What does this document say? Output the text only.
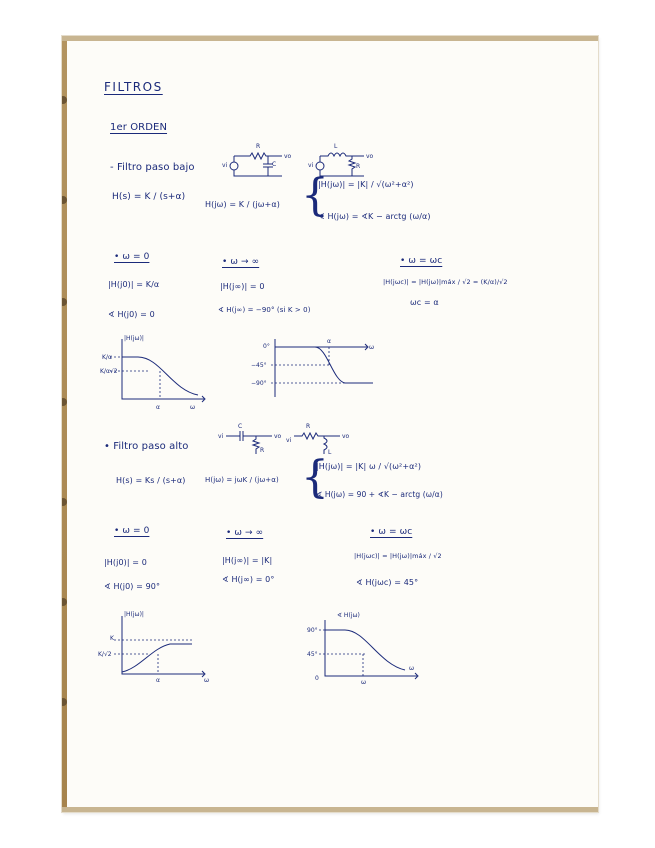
FILTROS
1er ORDEN
- Filtro paso bajo
R
C
vi
vo
L
R
vi
vo
H(s) = K / (s+α)
H(jω) = K / (jω+α) {
|H(jω)| = |K| / √(ω²+α²)
∢ H(jω) = ∢K − arctg (ω/α)
• ω = 0
|H(j0)| = K/α
∢ H(j0) = 0
• ω → ∞
|H(j∞)| = 0
∢ H(j∞) = −90° (si K > 0)
• ω = ωc
|H(jωc)| = |H(jω)|máx / √2 = (K/α)/√2
ωc = α
|H(jω)|
K/α
K/α√2
α	ω
0°
−45°
−90°
α
ω
• Filtro paso alto
C
R
vi	vo
R
L
vi
vo
H(s) = Ks / (s+α)	H(jω) = jωK / (jω+α) {
|H(jω)| = |K| ω / √(ω²+α²)
∢ H(jω) = 90 + ∢K − arctg (ω/α)
• ω = 0
|H(j0)| = 0
∢ H(j0) = 90°
• ω → ∞
|H(j∞)| = |K|
∢ H(j∞) = 0°
• ω = ωc
|H(jωc)| = |H(jω)|máx / √2
∢ H(jωc) = 45°
|H(jω)|
K
K/√2
α	ω
∢ H(jω)
90°
45°
0
ω
ω
